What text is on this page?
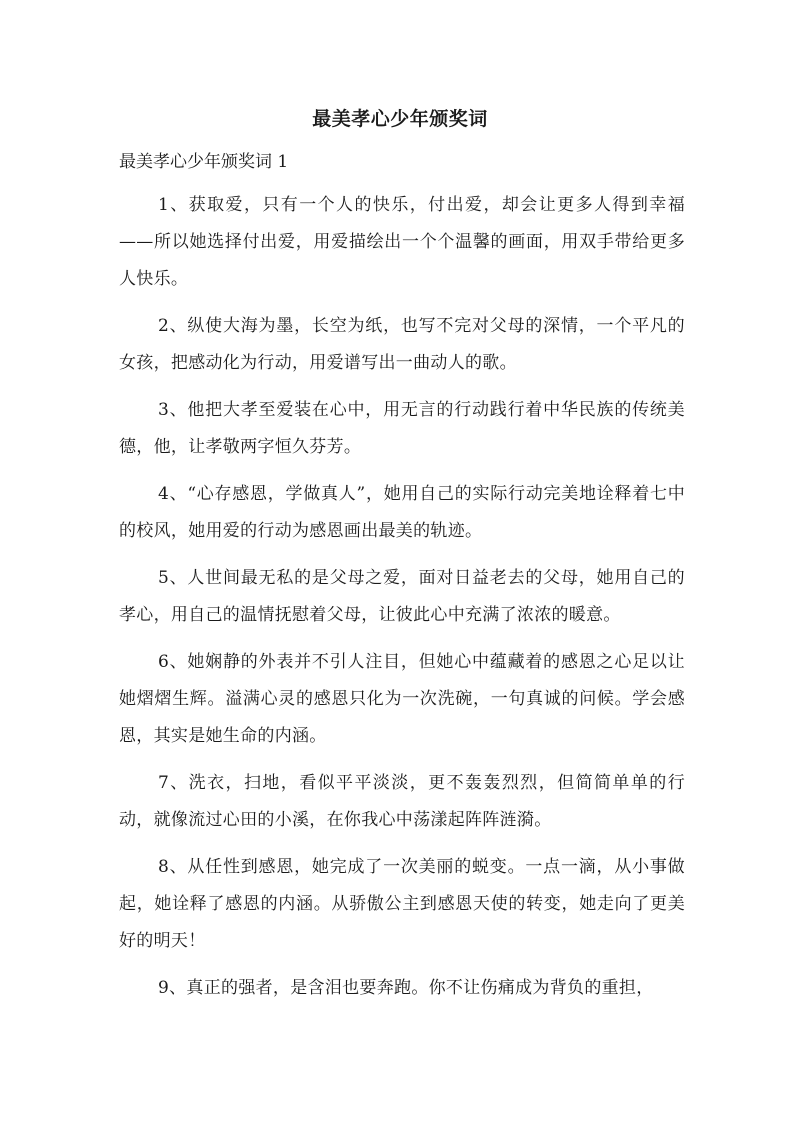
最美孝心少年颁奖词
最美孝心少年颁奖词 1

1、获取爱，只有一个人的快乐，付出爱，却会让更多人得到幸福——所以她选择付出爱，用爱描绘出一个个温馨的画面，用双手带给更多人快乐。

2、纵使大海为墨，长空为纸，也写不完对父母的深情，一个平凡的女孩，把感动化为行动，用爱谱写出一曲动人的歌。

3、他把大孝至爱装在心中，用无言的行动践行着中华民族的传统美德，他，让孝敬两字恒久芬芳。

4、“心存感恩，学做真人”，她用自己的实际行动完美地诠释着七中的校风，她用爱的行动为感恩画出最美的轨迹。

5、人世间最无私的是父母之爱，面对日益老去的父母，她用自己的孝心，用自己的温情抚慰着父母，让彼此心中充满了浓浓的暖意。

6、她娴静的外表并不引人注目，但她心中蕴藏着的感恩之心足以让她熠熠生辉。溢满心灵的感恩只化为一次洗碗，一句真诚的问候。学会感恩，其实是她生命的内涵。

7、洗衣，扫地，看似平平淡淡，更不轰轰烈烈，但简简单单的行动，就像流过心田的小溪，在你我心中荡漾起阵阵涟漪。

8、从任性到感恩，她完成了一次美丽的蜕变。一点一滴，从小事做起，她诠释了感恩的内涵。从骄傲公主到感恩天使的转变，她走向了更美好的明天！

9、真正的强者，是含泪也要奔跑。你不让伤痛成为背负的重担，
